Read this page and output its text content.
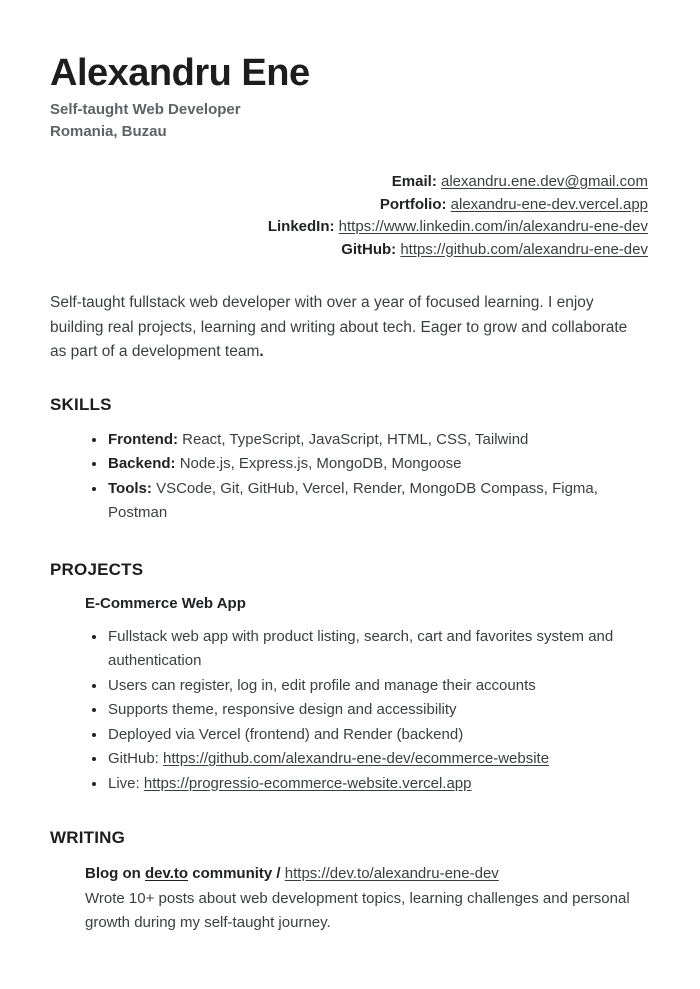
Alexandru Ene
Self-taught Web Developer
Romania, Buzau
Email: alexandru.ene.dev@gmail.com
Portfolio: alexandru-ene-dev.vercel.app
LinkedIn: https://www.linkedin.com/in/alexandru-ene-dev
GitHub: https://github.com/alexandru-ene-dev

Self-taught fullstack web developer with over a year of focused learning. I enjoy building real projects, learning and writing about tech. Eager to grow and collaborate as part of a development team.

SKILLS
• Frontend: React, TypeScript, JavaScript, HTML, CSS, Tailwind
• Backend: Node.js, Express.js, MongoDB, Mongoose
• Tools: VSCode, Git, GitHub, Vercel, Render, MongoDB Compass, Figma, Postman
PROJECTS
E-Commerce Web App
• Fullstack web app with product listing, search, cart and favorites system and authentication
• Users can register, log in, edit profile and manage their accounts
• Supports theme, responsive design and accessibility
• Deployed via Vercel (frontend) and Render (backend)
• GitHub: https://github.com/alexandru-ene-dev/ecommerce-website
• Live: https://progressio-ecommerce-website.vercel.app
WRITING
Blog on dev.to community / https://dev.to/alexandru-ene-dev
Wrote 10+ posts about web development topics, learning challenges and personal growth during my self-taught journey.
